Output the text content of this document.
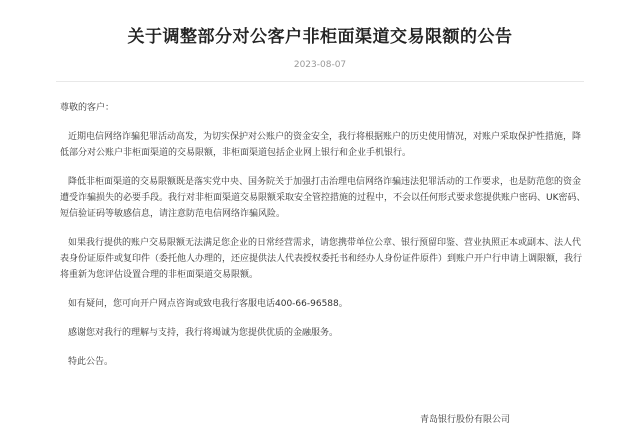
关于调整部分对公客户非柜面渠道交易限额的公告
2023-08-07

尊敬的客户：

近期电信网络诈骗犯罪活动高发，为切实保护对公账户的资金安全，我行将根据账户的历史使用情况，对账户采取保护性措施，降低部分对公账户非柜面渠道的交易限额，非柜面渠道包括企业网上银行和企业手机银行。

降低非柜面渠道的交易限额既是落实党中央、国务院关于加强打击治理电信网络诈骗违法犯罪活动的工作要求，也是防范您的资金遭受诈骗损失的必要手段。我行对非柜面渠道交易限额采取安全管控措施的过程中，不会以任何形式要求您提供账户密码、UK密码、短信验证码等敏感信息，请注意防范电信网络诈骗风险。

如果我行提供的账户交易限额无法满足您企业的日常经营需求，请您携带单位公章、银行预留印鉴、营业执照正本或副本、法人代表身份证原件或复印件（委托他人办理的，还应提供法人代表授权委托书和经办人身份证件原件）到账户开户行申请上调限额，我行将重新为您评估设置合理的非柜面渠道交易限额。

如有疑问，您可向开户网点咨询或致电我行客服电话400-66-96588。

感谢您对我行的理解与支持，我行将竭诚为您提供优质的金融服务。

特此公告。

青岛银行股份有限公司
